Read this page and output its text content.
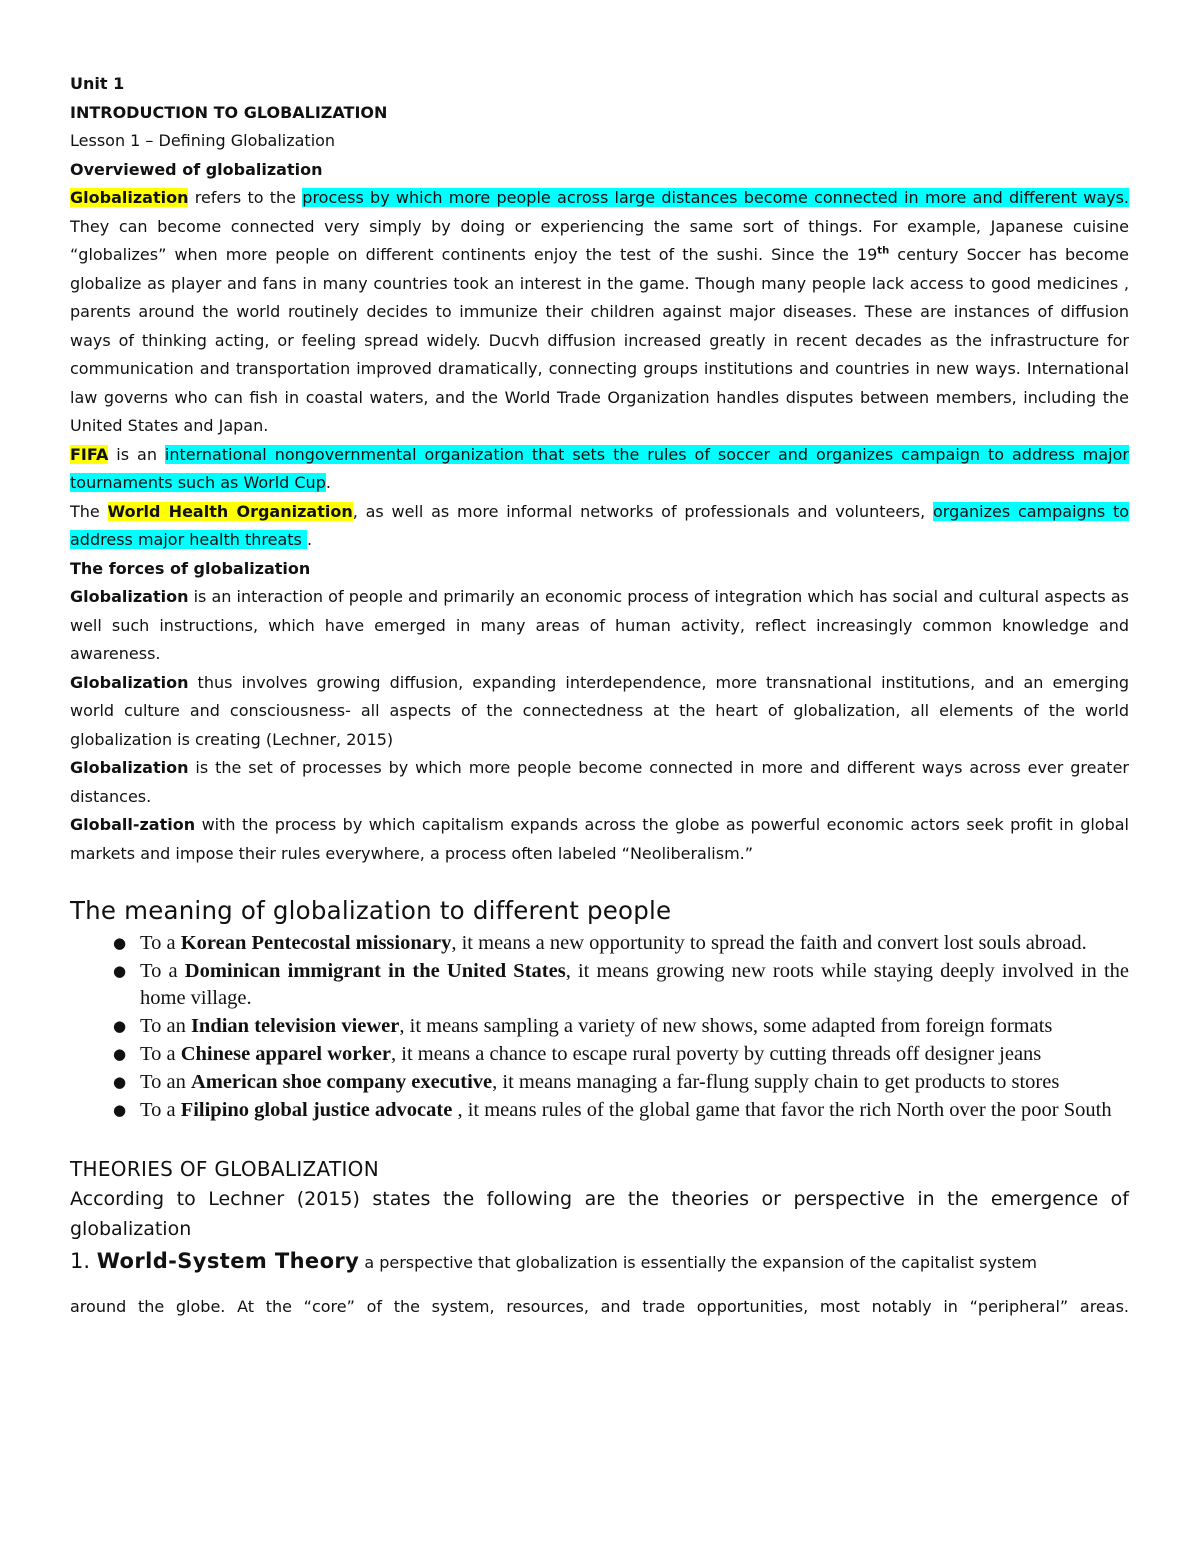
Unit 1

INTRODUCTION TO GLOBALIZATION

Lesson 1 – Defining Globalization

Overviewed of globalization

Globalization refers to the process by which more people across large distances become connected in more and different ways. They can become connected very simply by doing or experiencing the same sort of things. For example, Japanese cuisine “globalizes” when more people on different continents enjoy the test of the sushi. Since the 19th century Soccer has become globalize as player and fans in many countries took an interest in the game. Though many people lack access to good medicines , parents around the world routinely decides to immunize their children against major diseases. These are instances of diffusion ways of thinking acting, or feeling spread widely. Ducvh diffusion increased greatly in recent decades as the infrastructure for communication and transportation improved dramatically, connecting groups institutions and countries in new ways. International law governs who can fish in coastal waters, and the World Trade Organization handles disputes between members, including the United States and Japan.

FIFA is an international nongovernmental organization that sets the rules of soccer and organizes campaign to address major tournaments such as World Cup.

The World Health Organization, as well as more informal networks of professionals and volunteers, organizes campaigns to address major health threats .

The forces of globalization

Globalization is an interaction of people and primarily an economic process of integration which has social and cultural aspects as well such instructions, which have emerged in many areas of human activity, reflect increasingly common knowledge and awareness.

Globalization thus involves growing diffusion, expanding interdependence, more transnational institutions, and an emerging world culture and consciousness- all aspects of the connectedness at the heart of globalization, all elements of the world globalization is creating (Lechner, 2015)

Globalization is the set of processes by which more people become connected in more and different ways across ever greater distances.

Globall-zation with the process by which capitalism expands across the globe as powerful economic actors seek profit in global markets and impose their rules everywhere, a process often labeled “Neoliberalism.”

The meaning of globalization to different people

● To a Korean Pentecostal missionary, it means a new opportunity to spread the faith and convert lost souls abroad.
● To a Dominican immigrant in the United States, it means growing new roots while staying deeply involved in the home village.
● To an Indian television viewer, it means sampling a variety of new shows, some adapted from foreign formats
● To a Chinese apparel worker, it means a chance to escape rural poverty by cutting threads off designer jeans
● To an American shoe company executive, it means managing a far-flung supply chain to get products to stores
● To a Filipino global justice advocate , it means rules of the global game that favor the rich North over the poor South

THEORIES OF GLOBALIZATION

According to Lechner (2015) states the following are the theories or perspective in the emergence of globalization

1. World-System Theory a perspective that globalization is essentially the expansion of the capitalist system

around the globe. At the “core” of the system, resources, and trade opportunities, most notably in “peripheral” areas.
